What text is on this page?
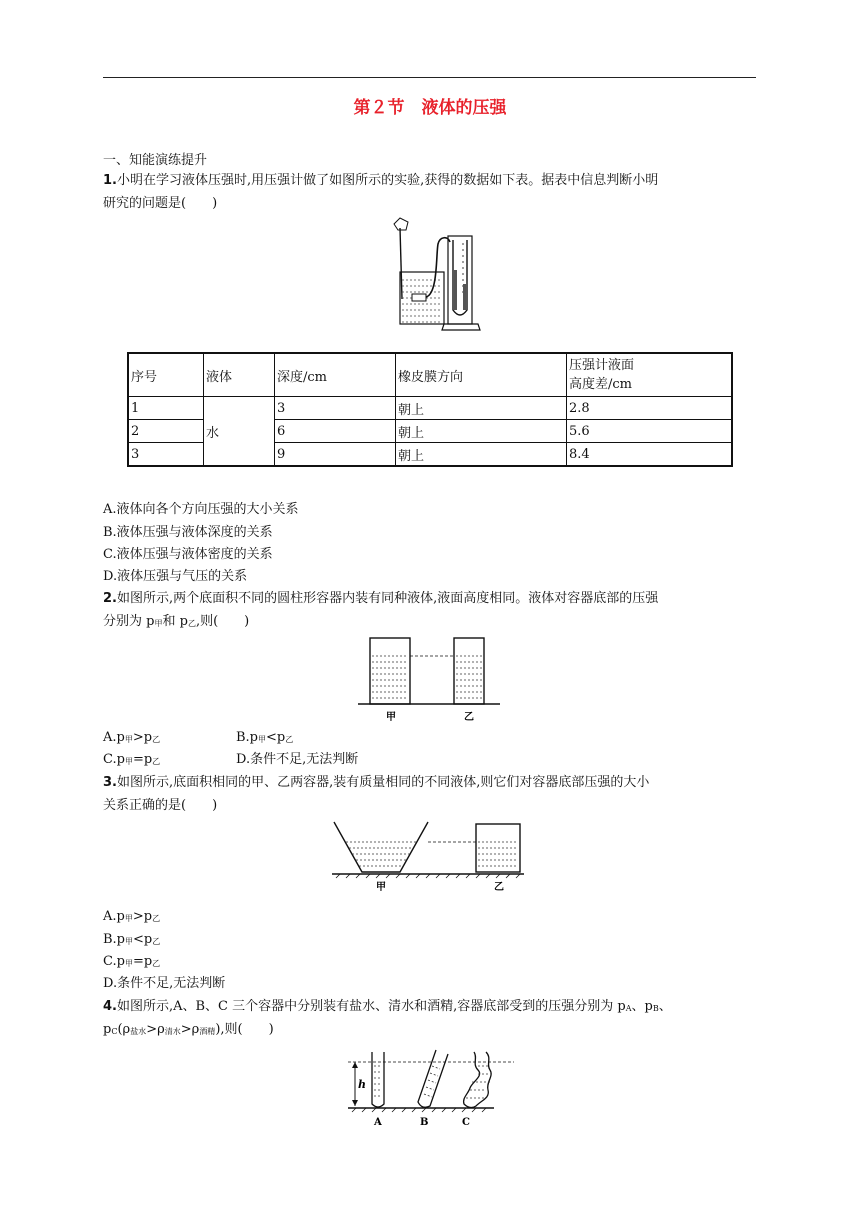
第２节　液体的压强
一、知能演练提升
1.小明在学习液体压强时,用压强计做了如图所示的实验,获得的数据如下表。据表中信息判断小明
研究的问题是(　　)
序号	液体	深度/cm	橡皮膜方向	压强计液面
高度差/cm

1	水	3	朝上	2.8
2		6	朝上	5.6
3		9	朝上	8.4
A.液体向各个方向压强的大小关系
B.液体压强与液体深度的关系
C.液体压强与液体密度的关系
D.液体压强与气压的关系
2.如图所示,两个底面积不同的圆柱形容器内装有同种液体,液面高度相同。液体对容器底部的压强
分别为 $p_甲$和 $p_乙$,则(　　)
甲	乙
$A.p_甲>p_乙$	$B.p_甲<p_乙$
$C.p_甲=p_乙$	D.条件不足,无法判断
3.如图所示,底面积相同的甲、乙两容器,装有质量相同的不同液体,则它们对容器底部压强的大小
关系正确的是(　　)
甲	乙
$A.p_甲>p_乙$
$B.p_甲<p_乙$
$C.p_甲=p_乙$
D.条件不足,无法判断
4.如图所示,A、B、C 三个容器中分别装有盐水、清水和酒精,容器底部受到的压强分别为 $p_A$、$p_B$、
$p_C(\rho_{盐水}>\rho_{清水}>\rho_{酒精})$,则(　　)
h
A	B	C
